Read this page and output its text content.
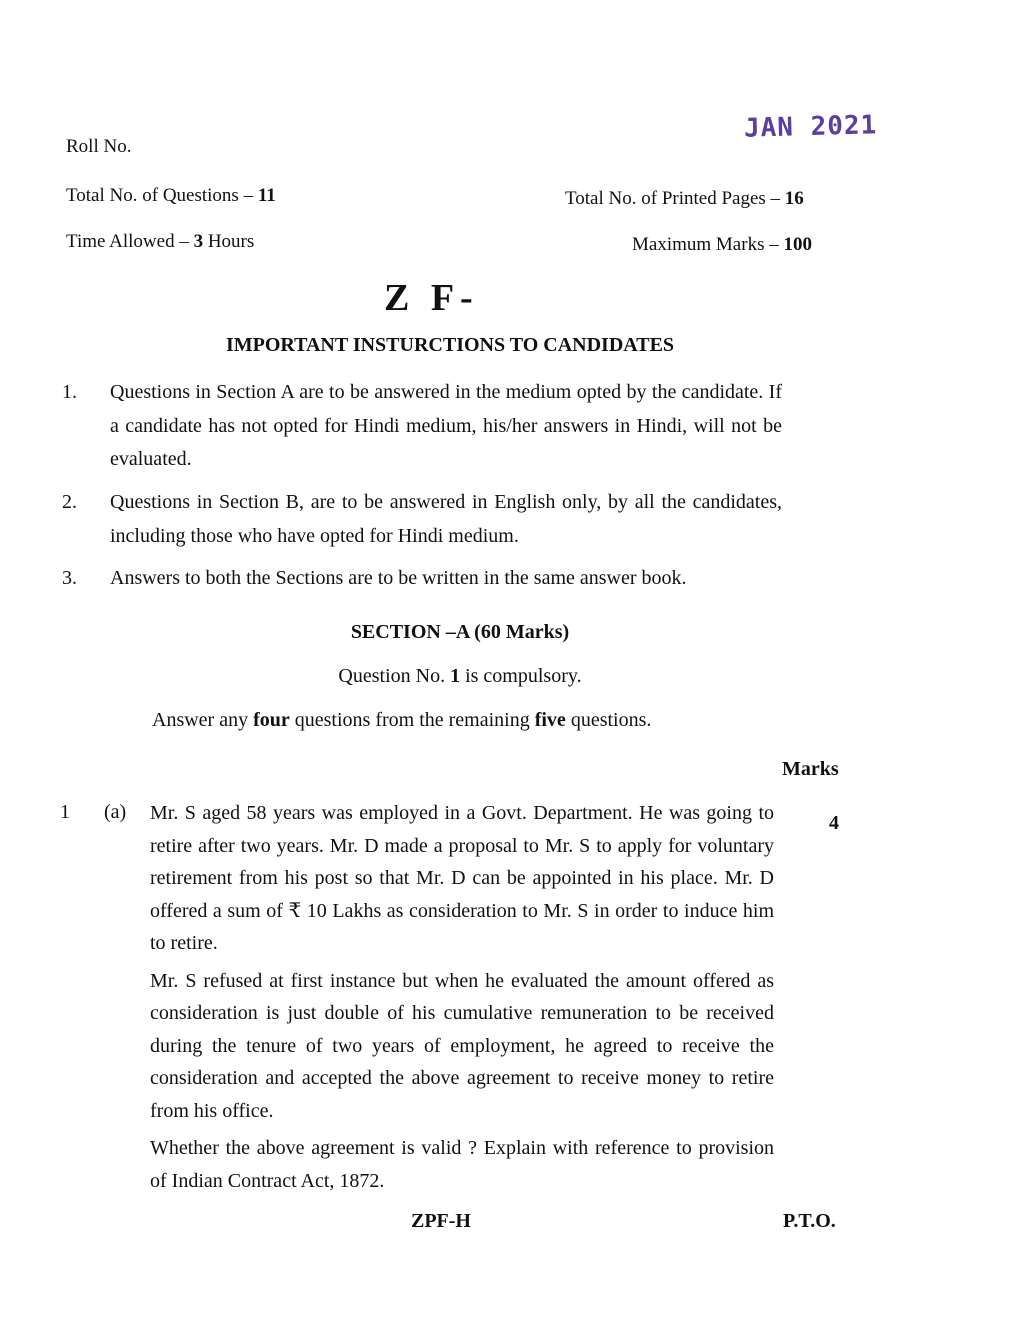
Roll No.
JAN 2021
Total No. of Questions – 11	Total No. of Printed Pages – 16
Time Allowed – 3 Hours	Maximum Marks – 100
Z F-
IMPORTANT INSTURCTIONS TO CANDIDATES
1. Questions in Section A are to be answered in the medium opted by the candidate. If a candidate has not opted for Hindi medium, his/her answers in Hindi, will not be evaluated.
2. Questions in Section B, are to be answered in English only, by all the candidates, including those who have opted for Hindi medium.
3. Answers to both the Sections are to be written in the same answer book.
SECTION –A (60 Marks)
Question No. 1 is compulsory.
Answer any four questions from the remaining five questions.
Marks
1 (a)	4

Mr. S aged 58 years was employed in a Govt. Department. He was going to retire after two years. Mr. D made a proposal to Mr. S to apply for voluntary retirement from his post so that Mr. D can be appointed in his place. Mr. D offered a sum of ₹ 10 Lakhs as consideration to Mr. S in order to induce him to retire.

Mr. S refused at first instance but when he evaluated the amount offered as consideration is just double of his cumulative remuneration to be received during the tenure of two years of employment, he agreed to receive the consideration and accepted the above agreement to receive money to retire from his office.

Whether the above agreement is valid ? Explain with reference to provision of Indian Contract Act, 1872.

ZPF-H	P.T.O.
